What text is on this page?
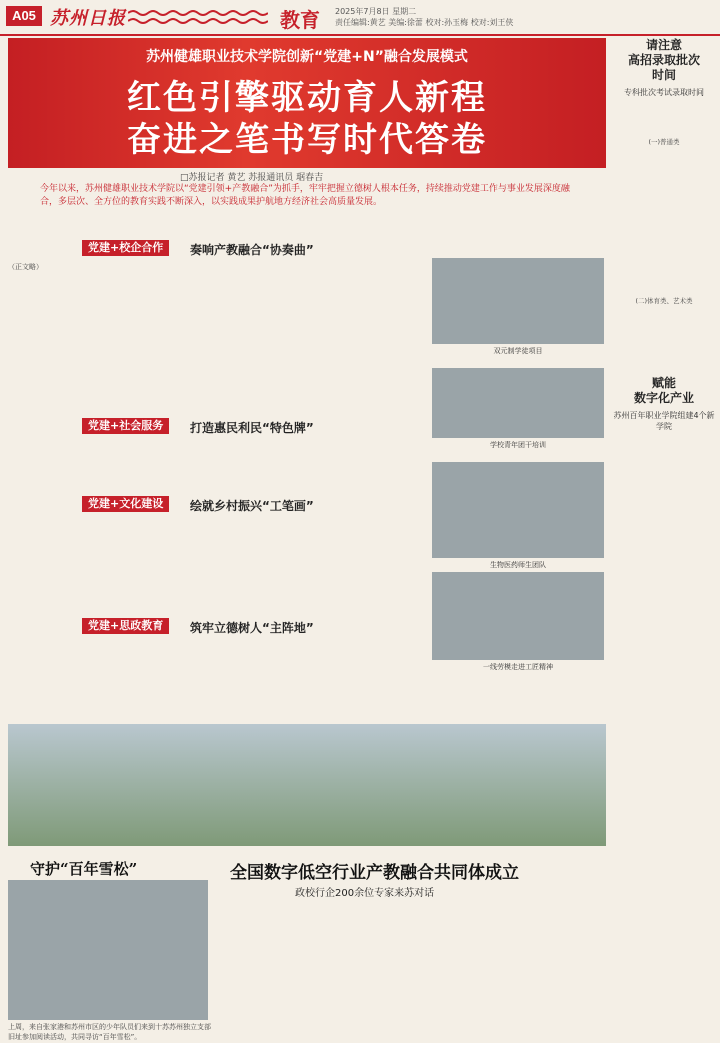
A05 苏州日报	教育 2025年7月8日 星期二
责任编辑:黄艺 美编:徐蕾 校对:孙玉梅 校对:刘王侠
苏州健雄职业技术学院创新“党建+N”融合发展模式
红色引擎驱动育人新程
奋进之笔书写时代答卷
□苏报记者 黄艺 苏报通讯员 琚春吉
今年以来，苏州健雄职业技术学院以“党建引领+产教融合”为抓手，牢牢把握立德树人根本任务，持续推动党建工作与事业发展深度融合，多层次、全方位的教育实践不断深入，以实践成果护航地方经济社会高质量发展。
党建+校企合作	奏响产教融合“协奏曲”
（正文略）
双元制学徒项目
党建+社会服务	打造惠民利民“特色牌”
学校青年团干培训
党建+文化建设	绘就乡村振兴“工笔画”
生物医药师生团队
党建+思政教育	筑牢立德树人“主阵地”
一线劳模走进工匠精神
请注意
高招录取批次
时间
专科批次考试录取时间
(一)普通类
(二)体育类、艺术类
赋能
数字化产业
苏州百年职业学院组建4个新学院
守护“百年雪松”
上周，来自张家港和苏州市区的少年队员们来到十苏苏州独立支部旧址参加阅读活动，共同寻访“百年雪松”。
全国数字低空行业产教融合共同体成立
政校行企200余位专家来苏对话
